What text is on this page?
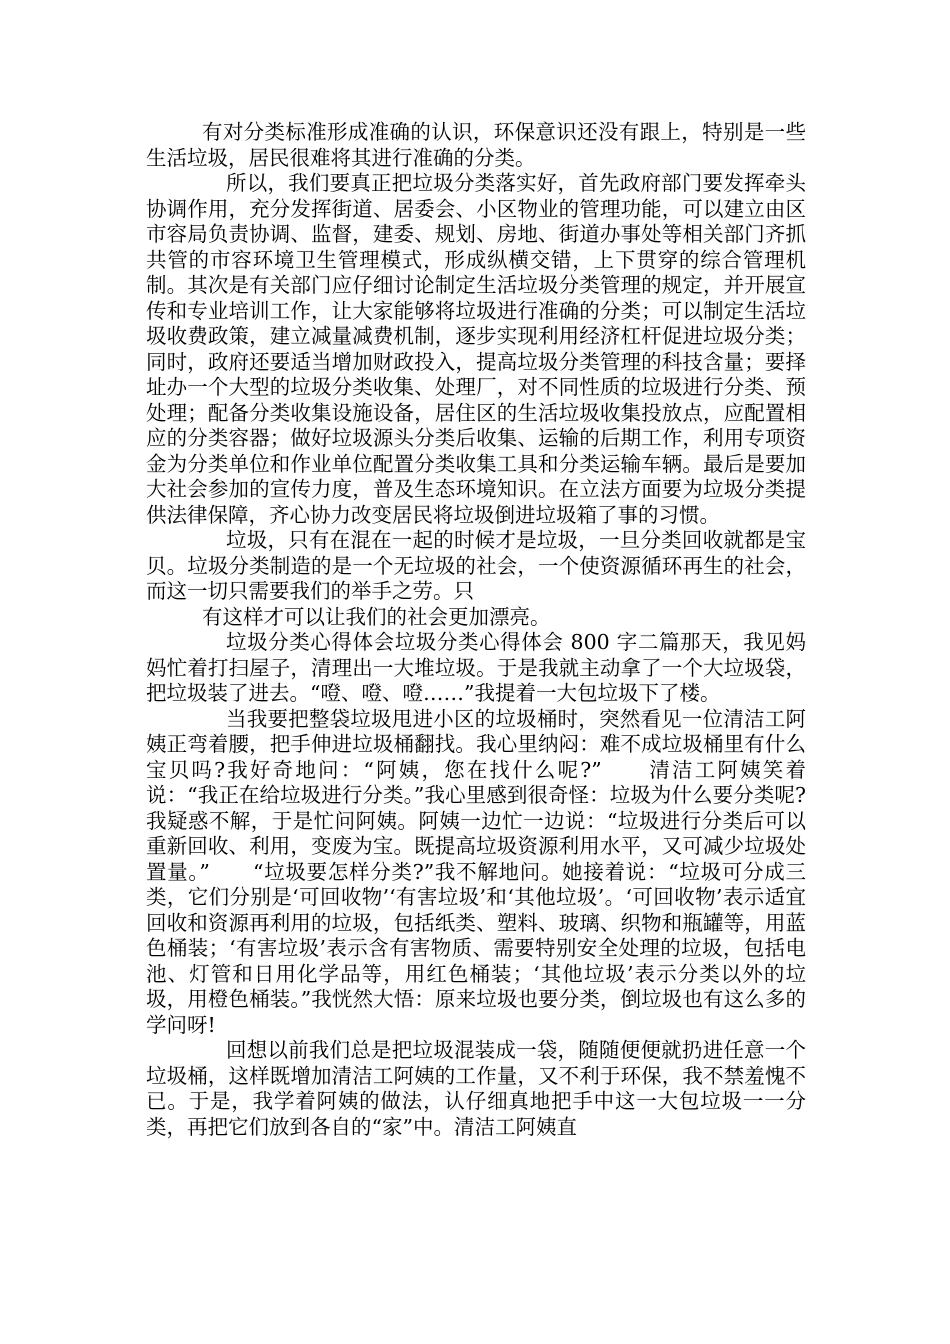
有对分类标准形成准确的认识，环保意识还没有跟上，特别是一些生活垃圾，居民很难将其进行准确的分类。

所以，我们要真正把垃圾分类落实好，首先政府部门要发挥牵头协调作用，充分发挥街道、居委会、小区物业的管理功能，可以建立由区市容局负责协调、监督，建委、规划、房地、街道办事处等相关部门齐抓共管的市容环境卫生管理模式，形成纵横交错，上下贯穿的综合管理机制。其次是有关部门应仔细讨论制定生活垃圾分类管理的规定，并开展宣传和专业培训工作，让大家能够将垃圾进行准确的分类；可以制定生活垃圾收费政策，建立减量减费机制，逐步实现利用经济杠杆促进垃圾分类；同时，政府还要适当增加财政投入，提高垃圾分类管理的科技含量；要择址办一个大型的垃圾分类收集、处理厂，对不同性质的垃圾进行分类、预处理；配备分类收集设施设备，居住区的生活垃圾收集投放点，应配置相应的分类容器；做好垃圾源头分类后收集、运输的后期工作，利用专项资金为分类单位和作业单位配置分类收集工具和分类运输车辆。最后是要加大社会参加的宣传力度，普及生态环境知识。在立法方面要为垃圾分类提供法律保障，齐心协力改变居民将垃圾倒进垃圾箱了事的习惯。

垃圾，只有在混在一起的时候才是垃圾，一旦分类回收就都是宝贝。垃圾分类制造的是一个无垃圾的社会，一个使资源循环再生的社会，而这一切只需要我们的举手之劳。只

有这样才可以让我们的社会更加漂亮。

垃圾分类心得体会垃圾分类心得体会 800 字二篇那天，我见妈妈忙着打扫屋子，清理出一大堆垃圾。于是我就主动拿了一个大垃圾袋，把垃圾装了进去。“噔、噔、噔……”我提着一大包垃圾下了楼。

当我要把整袋垃圾甩进小区的垃圾桶时，突然看见一位清洁工阿姨正弯着腰，把手伸进垃圾桶翻找。我心里纳闷：难不成垃圾桶里有什么宝贝吗?我好奇地问：“阿姨，您在找什么呢?”　　清洁工阿姨笑着说：“我正在给垃圾进行分类。”我心里感到很奇怪：垃圾为什么要分类呢?我疑惑不解，于是忙问阿姨。阿姨一边忙一边说：“垃圾进行分类后可以重新回收、利用，变废为宝。既提高垃圾资源利用水平，又可减少垃圾处置量。”　　“垃圾要怎样分类?”我不解地问。她接着说：“垃圾可分成三类，它们分别是‘可回收物’‘有害垃圾’和‘其他垃圾’。‘可回收物’表示适宜回收和资源再利用的垃圾，包括纸类、塑料、玻璃、织物和瓶罐等，用蓝色桶装；‘有害垃圾’表示含有害物质、需要特别安全处理的垃圾，包括电池、灯管和日用化学品等，用红色桶装；‘其他垃圾’表示分类以外的垃圾，用橙色桶装。”我恍然大悟：原来垃圾也要分类，倒垃圾也有这么多的学问呀!

回想以前我们总是把垃圾混装成一袋，随随便便就扔进任意一个垃圾桶，这样既增加清洁工阿姨的工作量，又不利于环保，我不禁羞愧不已。于是，我学着阿姨的做法，认仔细真地把手中这一大包垃圾一一分类，再把它们放到各自的“家”中。清洁工阿姨直
